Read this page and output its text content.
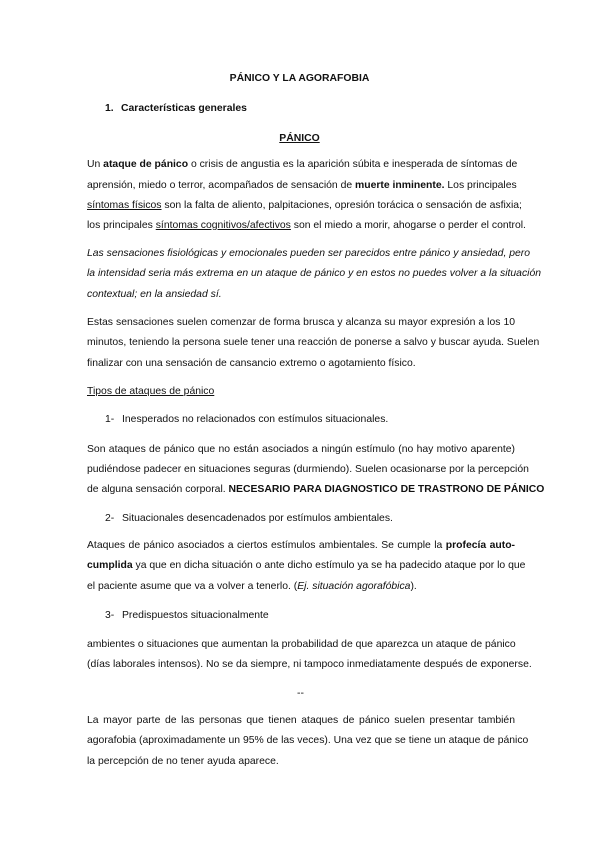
PÁNICO Y LA AGORAFOBIA
1. Características generales
PÁNICO
Un ataque de pánico o crisis de angustia es la aparición súbita e inesperada de síntomas de
aprensión, miedo o terror, acompañados de sensación de muerte inminente. Los principales
síntomas físicos son la falta de aliento, palpitaciones, opresión torácica o sensación de asfixia;
los principales síntomas cognitivos/afectivos son el miedo a morir, ahogarse o perder el control.
Las sensaciones fisiológicas y emocionales pueden ser parecidos entre pánico y ansiedad, pero
la intensidad seria más extrema en un ataque de pánico y en estos no puedes volver a la situación
contextual; en la ansiedad sí.
Estas sensaciones suelen comenzar de forma brusca y alcanza su mayor expresión a los 10
minutos, teniendo la persona suele tener una reacción de ponerse a salvo y buscar ayuda. Suelen
finalizar con una sensación de cansancio extremo o agotamiento físico.
Tipos de ataques de pánico
1- Inesperados no relacionados con estímulos situacionales.
Son ataques de pánico que no están asociados a ningún estímulo (no hay motivo aparente)
pudiéndose padecer en situaciones seguras (durmiendo). Suelen ocasionarse por la percepción
de alguna sensación corporal. NECESARIO PARA DIAGNOSTICO DE TRASTRONO DE PÁNICO
2- Situacionales desencadenados por estímulos ambientales.
Ataques de pánico asociados a ciertos estímulos ambientales. Se cumple la profecía auto-
cumplida ya que en dicha situación o ante dicho estímulo ya se ha padecido ataque por lo que
el paciente asume que va a volver a tenerlo. (Ej. situación agorafóbica).
3- Predispuestos situacionalmente
ambientes o situaciones que aumentan la probabilidad de que aparezca un ataque de pánico
(días laborales intensos). No se da siempre, ni tampoco inmediatamente después de exponerse.
--
La mayor parte de las personas que tienen ataques de pánico suelen presentar también
agorafobia (aproximadamente un 95% de las veces). Una vez que se tiene un ataque de pánico
la percepción de no tener ayuda aparece.
